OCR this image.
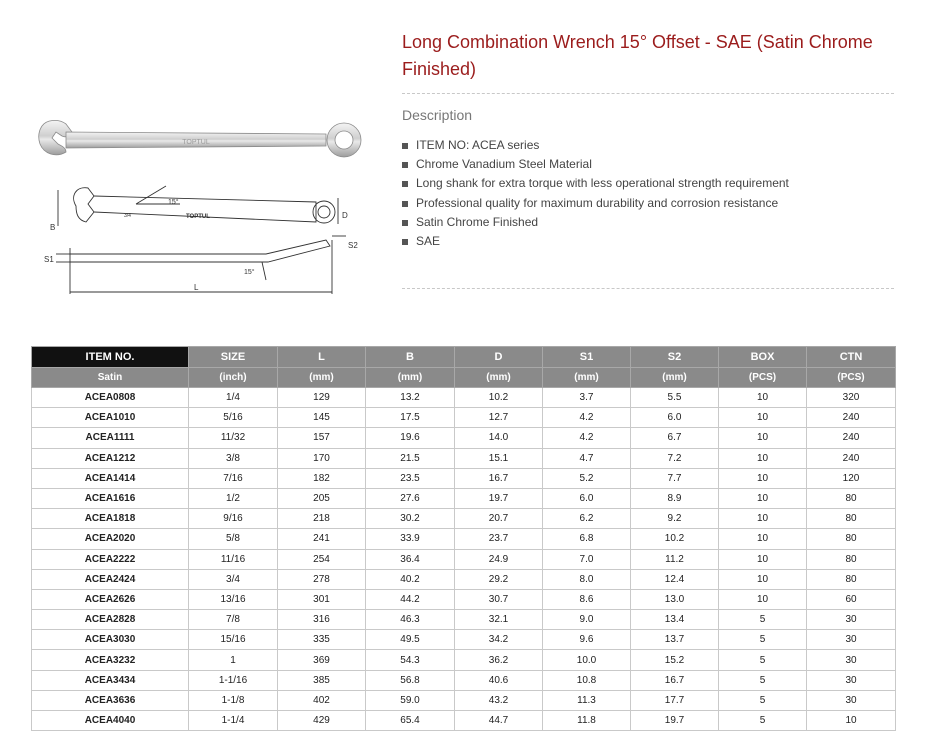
Long Combination Wrench 15° Offset - SAE (Satin Chrome Finished)
Description
ITEM NO: ACEA series
Chrome Vanadium Steel Material
Long shank for extra torque with less operational strength requirement
Professional quality for maximum durability and corrosion resistance
Satin Chrome Finished
SAE
TOPTUL
B
D
15°
TOPTUL
3/4
S1
S2
15°
L
ITEM NO.	SIZE	L	B	D	S1	S2	BOX	CTN
Satin	(inch)	(mm)	(mm)	(mm)	(mm)	(mm)	(PCS)	(PCS)
ACEA0808	1/4	129	13.2	10.2	3.7	5.5	10	320
ACEA1010	5/16	145	17.5	12.7	4.2	6.0	10	240
ACEA1111	11/32	157	19.6	14.0	4.2	6.7	10	240
ACEA1212	3/8	170	21.5	15.1	4.7	7.2	10	240
ACEA1414	7/16	182	23.5	16.7	5.2	7.7	10	120
ACEA1616	1/2	205	27.6	19.7	6.0	8.9	10	80
ACEA1818	9/16	218	30.2	20.7	6.2	9.2	10	80
ACEA2020	5/8	241	33.9	23.7	6.8	10.2	10	80
ACEA2222	11/16	254	36.4	24.9	7.0	11.2	10	80
ACEA2424	3/4	278	40.2	29.2	8.0	12.4	10	80
ACEA2626	13/16	301	44.2	30.7	8.6	13.0	10	60
ACEA2828	7/8	316	46.3	32.1	9.0	13.4	5	30
ACEA3030	15/16	335	49.5	34.2	9.6	13.7	5	30
ACEA3232	1	369	54.3	36.2	10.0	15.2	5	30
ACEA3434	1-1/16	385	56.8	40.6	10.8	16.7	5	30
ACEA3636	1-1/8	402	59.0	43.2	11.3	17.7	5	30
ACEA4040	1-1/4	429	65.4	44.7	11.8	19.7	5	10
